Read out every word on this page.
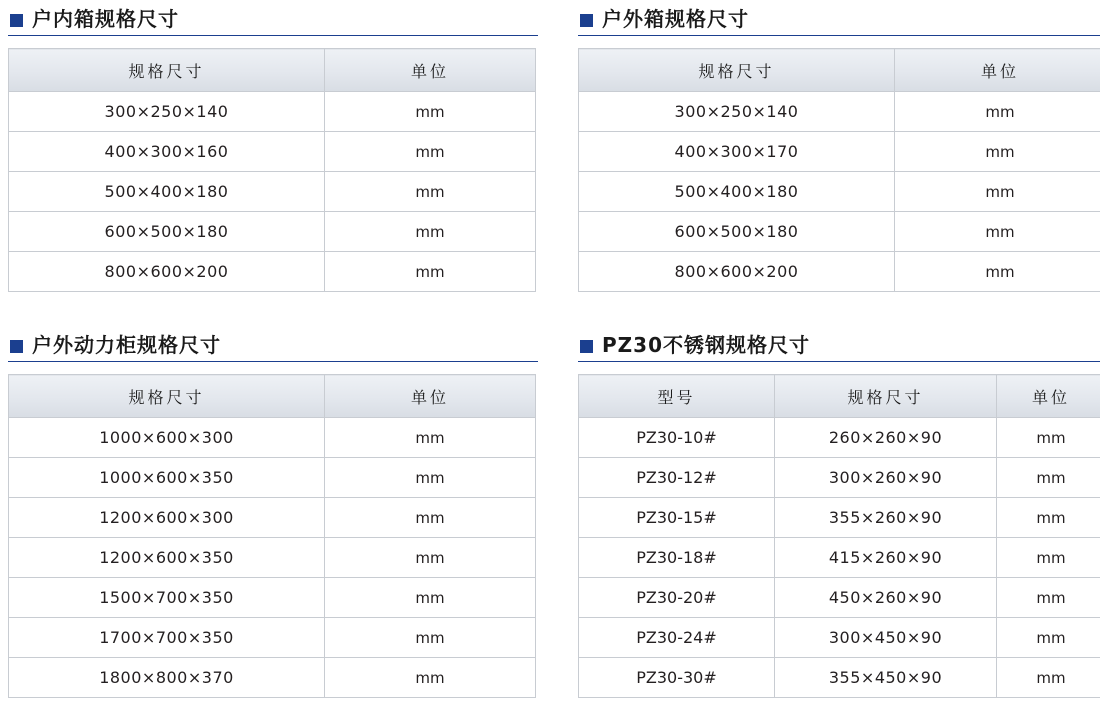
户内箱规格尺寸
规格尺寸	单位
300×250×140	mm
400×300×160	mm
500×400×180	mm
600×500×180	mm
800×600×200	mm
户外箱规格尺寸
规格尺寸	单位
300×250×140	mm
400×300×170	mm
500×400×180	mm
600×500×180	mm
800×600×200	mm
户外动力柜规格尺寸
规格尺寸	单位
1000×600×300	mm
1000×600×350	mm
1200×600×300	mm
1200×600×350	mm
1500×700×350	mm
1700×700×350	mm
1800×800×370	mm
PZ30不锈钢规格尺寸
型号	规格尺寸	单位
PZ30-10#	260×260×90	mm
PZ30-12#	300×260×90	mm
PZ30-15#	355×260×90	mm
PZ30-18#	415×260×90	mm
PZ30-20#	450×260×90	mm
PZ30-24#	300×450×90	mm
PZ30-30#	355×450×90	mm
